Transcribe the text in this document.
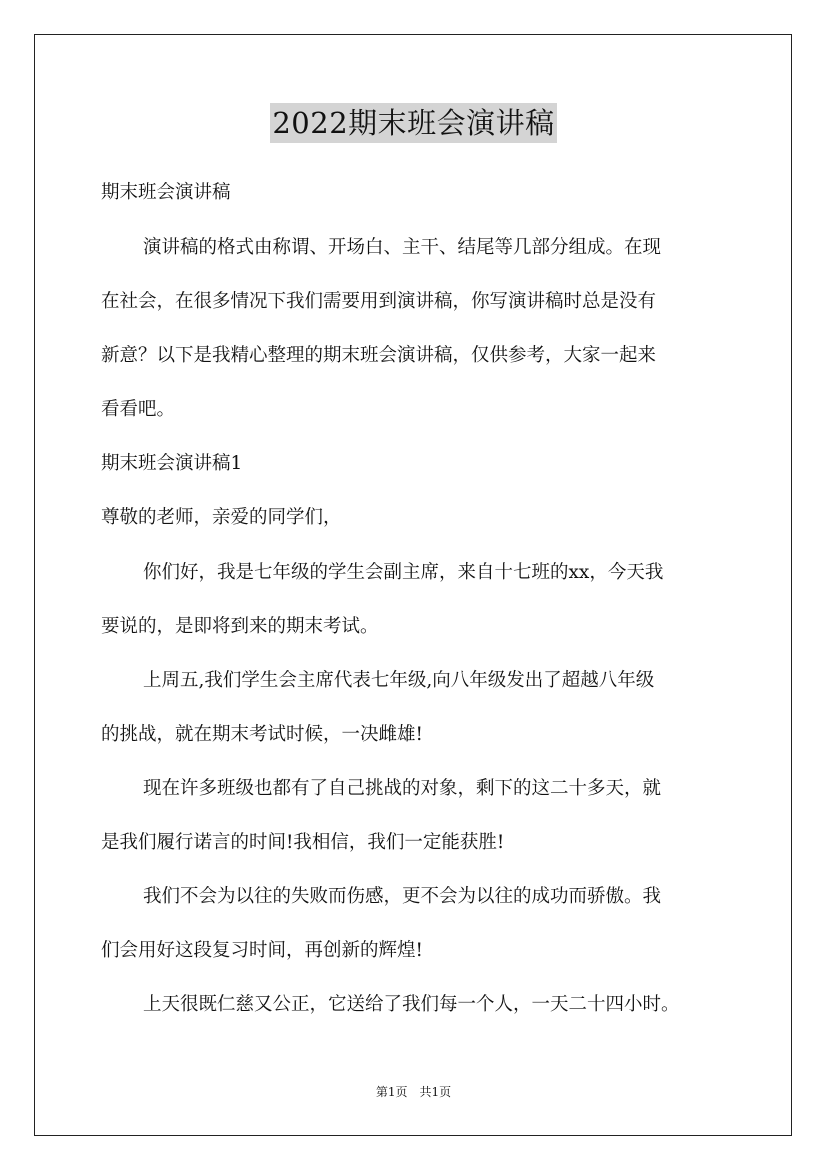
2022期末班会演讲稿
期末班会演讲稿
演讲稿的格式由称谓、开场白、主干、结尾等几部分组成。在现
在社会，在很多情况下我们需要用到演讲稿，你写演讲稿时总是没有
新意？以下是我精心整理的期末班会演讲稿，仅供参考，大家一起来
看看吧。
期末班会演讲稿1
尊敬的老师，亲爱的同学们，
你们好，我是七年级的学生会副主席，来自十七班的xx，今天我
要说的，是即将到来的期末考试。
上周五,我们学生会主席代表七年级,向八年级发出了超越八年级
的挑战，就在期末考试时候，一决雌雄!
现在许多班级也都有了自己挑战的对象，剩下的这二十多天，就
是我们履行诺言的时间!我相信，我们一定能获胜!
我们不会为以往的失败而伤感，更不会为以往的成功而骄傲。我
们会用好这段复习时间，再创新的辉煌!
上天很既仁慈又公正，它送给了我们每一个人，一天二十四小时。
第1页　共1页
